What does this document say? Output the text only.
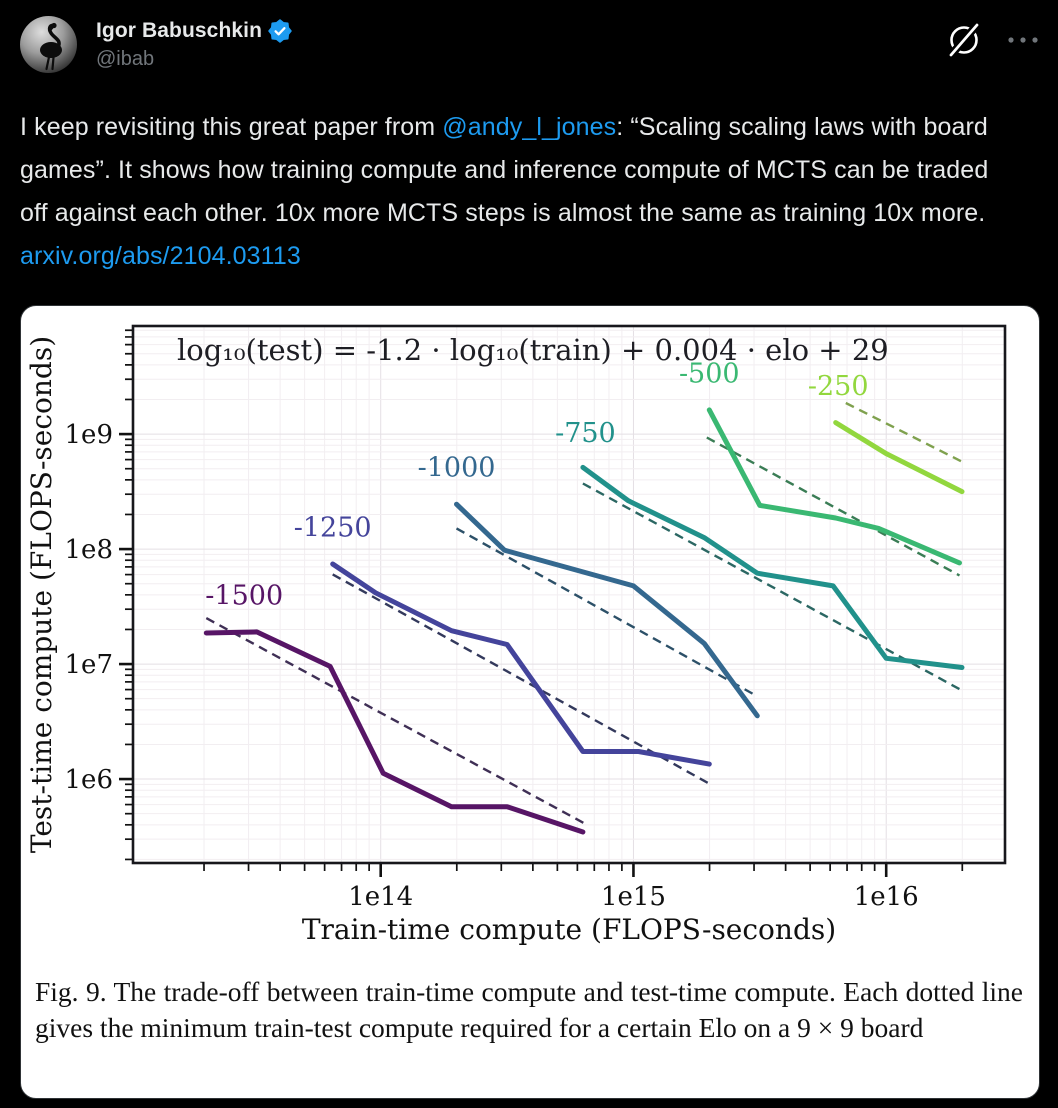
Igor Babuschkin
@ibab
I keep revisiting this great paper from @andy_l_jones: “Scaling scaling laws with board games”. It shows how training compute and inference compute of MCTS can be traded off against each other. 10x more MCTS steps is almost the same as training 10x more. arxiv.org/abs/2104.03113
1e14	1e15	1e16
1e6
1e7
1e8
1e9
Train-time compute (FLOPS-seconds)
Test-time compute (FLOPS-seconds)	log₁₀(test) = -1.2 · log₁₀(train) + 0.004 · elo + 29
-1500
-1250
-1000
-750
-500	-250
Fig. 9. The trade-off between train-time compute and test-time compute. Each dotted line gives the minimum train-test compute required for a certain Elo on a 9 × 9 board
